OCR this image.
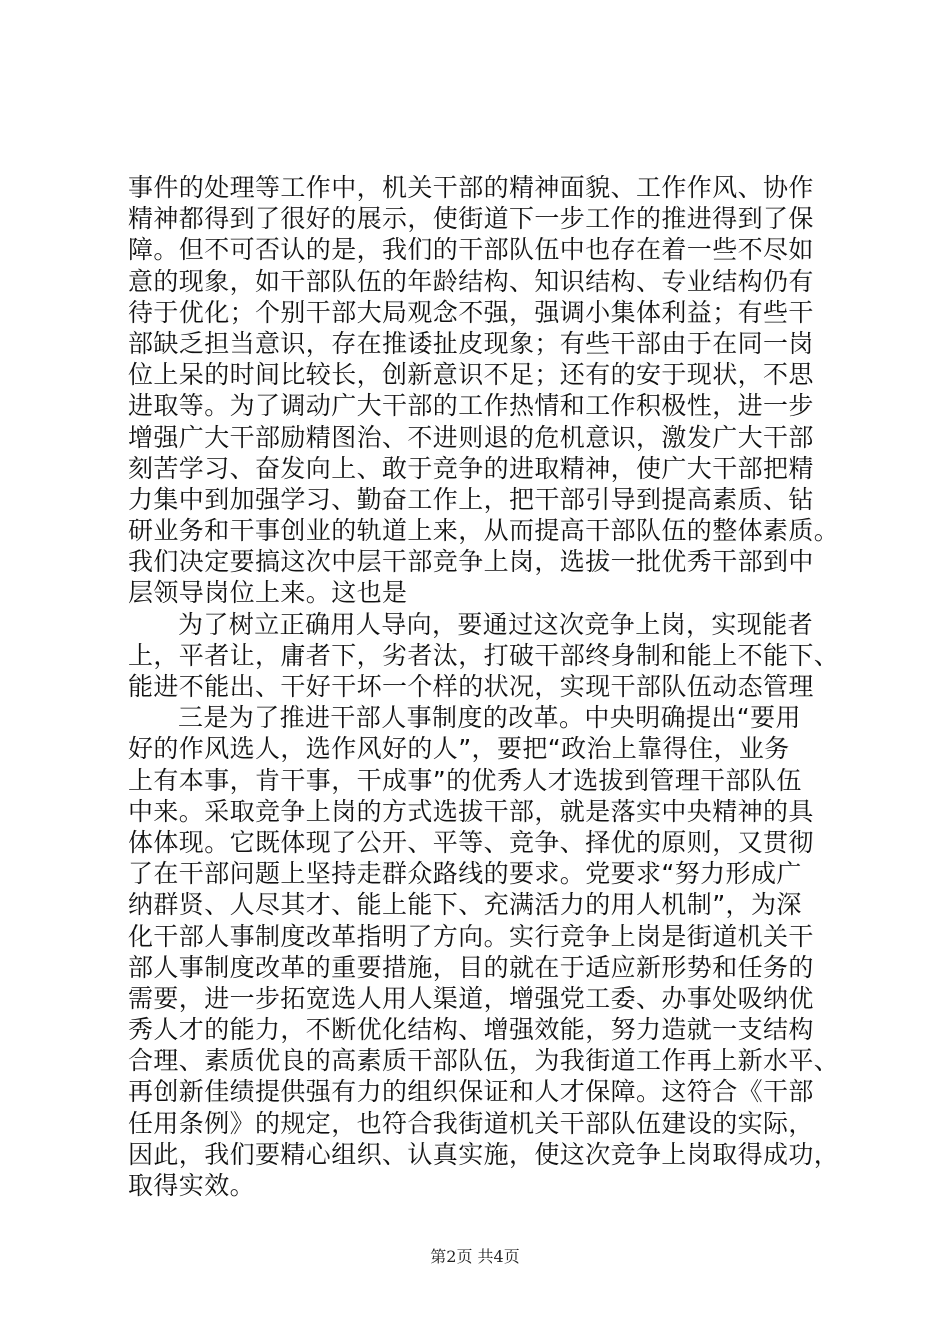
事件的处理等工作中，机关干部的精神面貌、工作作风、协作
精神都得到了很好的展示，使街道下一步工作的推进得到了保
障。但不可否认的是，我们的干部队伍中也存在着一些不尽如
意的现象，如干部队伍的年龄结构、知识结构、专业结构仍有
待于优化；个别干部大局观念不强，强调小集体利益；有些干
部缺乏担当意识，存在推诿扯皮现象；有些干部由于在同一岗
位上呆的时间比较长，创新意识不足；还有的安于现状，不思
进取等。为了调动广大干部的工作热情和工作积极性，进一步
增强广大干部励精图治、不进则退的危机意识，激发广大干部
刻苦学习、奋发向上、敢于竞争的进取精神，使广大干部把精
力集中到加强学习、勤奋工作上，把干部引导到提高素质、钻
研业务和干事创业的轨道上来，从而提高干部队伍的整体素质。
我们决定要搞这次中层干部竞争上岗，选拔一批优秀干部到中
层领导岗位上来。这也是
为了树立正确用人导向，要通过这次竞争上岗，实现能者
上，平者让，庸者下，劣者汰，打破干部终身制和能上不能下、
能进不能出、干好干坏一个样的状况，实现干部队伍动态管理
三是为了推进干部人事制度的改革。中央明确提出“要用
好的作风选人，选作风好的人”，要把“政治上靠得住，业务
上有本事，肯干事，干成事”的优秀人才选拔到管理干部队伍
中来。采取竞争上岗的方式选拔干部，就是落实中央精神的具
体体现。它既体现了公开、平等、竞争、择优的原则，又贯彻
了在干部问题上坚持走群众路线的要求。党要求“努力形成广
纳群贤、人尽其才、能上能下、充满活力的用人机制”，为深
化干部人事制度改革指明了方向。实行竞争上岗是街道机关干
部人事制度改革的重要措施，目的就在于适应新形势和任务的
需要，进一步拓宽选人用人渠道，增强党工委、办事处吸纳优
秀人才的能力，不断优化结构、增强效能，努力造就一支结构
合理、素质优良的高素质干部队伍，为我街道工作再上新水平、
再创新佳绩提供强有力的组织保证和人才保障。这符合《干部
任用条例》的规定，也符合我街道机关干部队伍建设的实际，
因此，我们要精心组织、认真实施，使这次竞争上岗取得成功，
取得实效。
第2页 共4页
